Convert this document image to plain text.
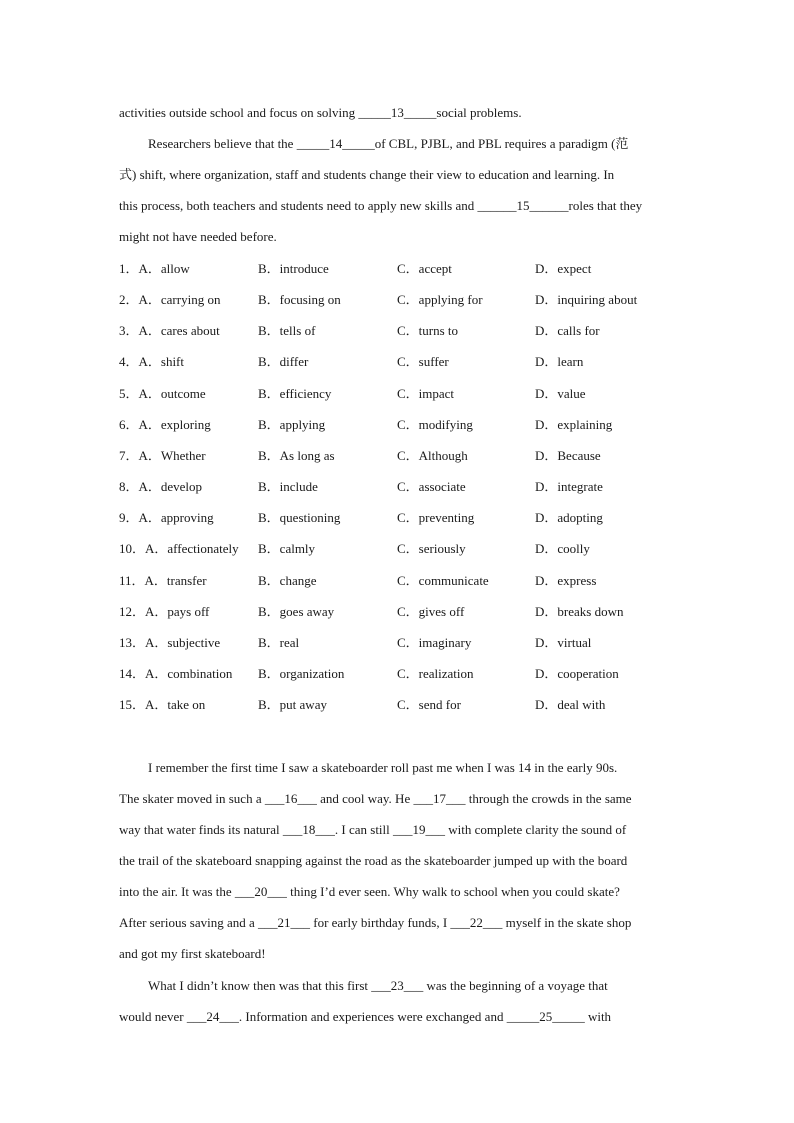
activities outside school and focus on solving _____13_____social problems.
Researchers believe that the _____14_____of CBL, PJBL, and PBL requires a paradigm (范
式) shift, where organization, staff and students change their view to education and learning. In
this process, both teachers and students need to apply new skills and ______15______roles that they
might not have needed before.
1．A．allow	B．introduce	C．accept	D．expect
2．A．carrying on	B．focusing on	C．applying for	D．inquiring about
3．A．cares about	B．tells of	C．turns to	D．calls for
4．A．shift	B．differ	C．suffer	D．learn
5．A．outcome	B．efficiency	C．impact	D．value
6．A．exploring	B．applying	C．modifying	D．explaining
7．A．Whether	B．As long as	C．Although	D．Because
8．A．develop	B．include	C．associate	D．integrate
9．A．approving	B．questioning	C．preventing	D．adopting
10．A．affectionately B．calmly	C．seriously	D．coolly
11．A．transfer	B．change	C．communicate	D．express
12．A．pays off	B．goes away	C．gives off	D．breaks down
13．A．subjective	B．real	C．imaginary	D．virtual
14．A．combination B．organization	C．realization	D．cooperation
15．A．take on	B．put away	C．send for	D．deal with
I remember the first time I saw a skateboarder roll past me when I was 14 in the early 90s.
The skater moved in such a ___16___ and cool way. He ___17___ through the crowds in the same
way that water finds its natural ___18___. I can still ___19___ with complete clarity the sound of
the trail of the skateboard snapping against the road as the skateboarder jumped up with the board
into the air. It was the ___20___ thing I’d ever seen. Why walk to school when you could skate?
After serious saving and a ___21___ for early birthday funds, I ___22___ myself in the skate shop
and got my first skateboard!
What I didn’t know then was that this first ___23___ was the beginning of a voyage that
would never ___24___. Information and experiences were exchanged and _____25_____ with
